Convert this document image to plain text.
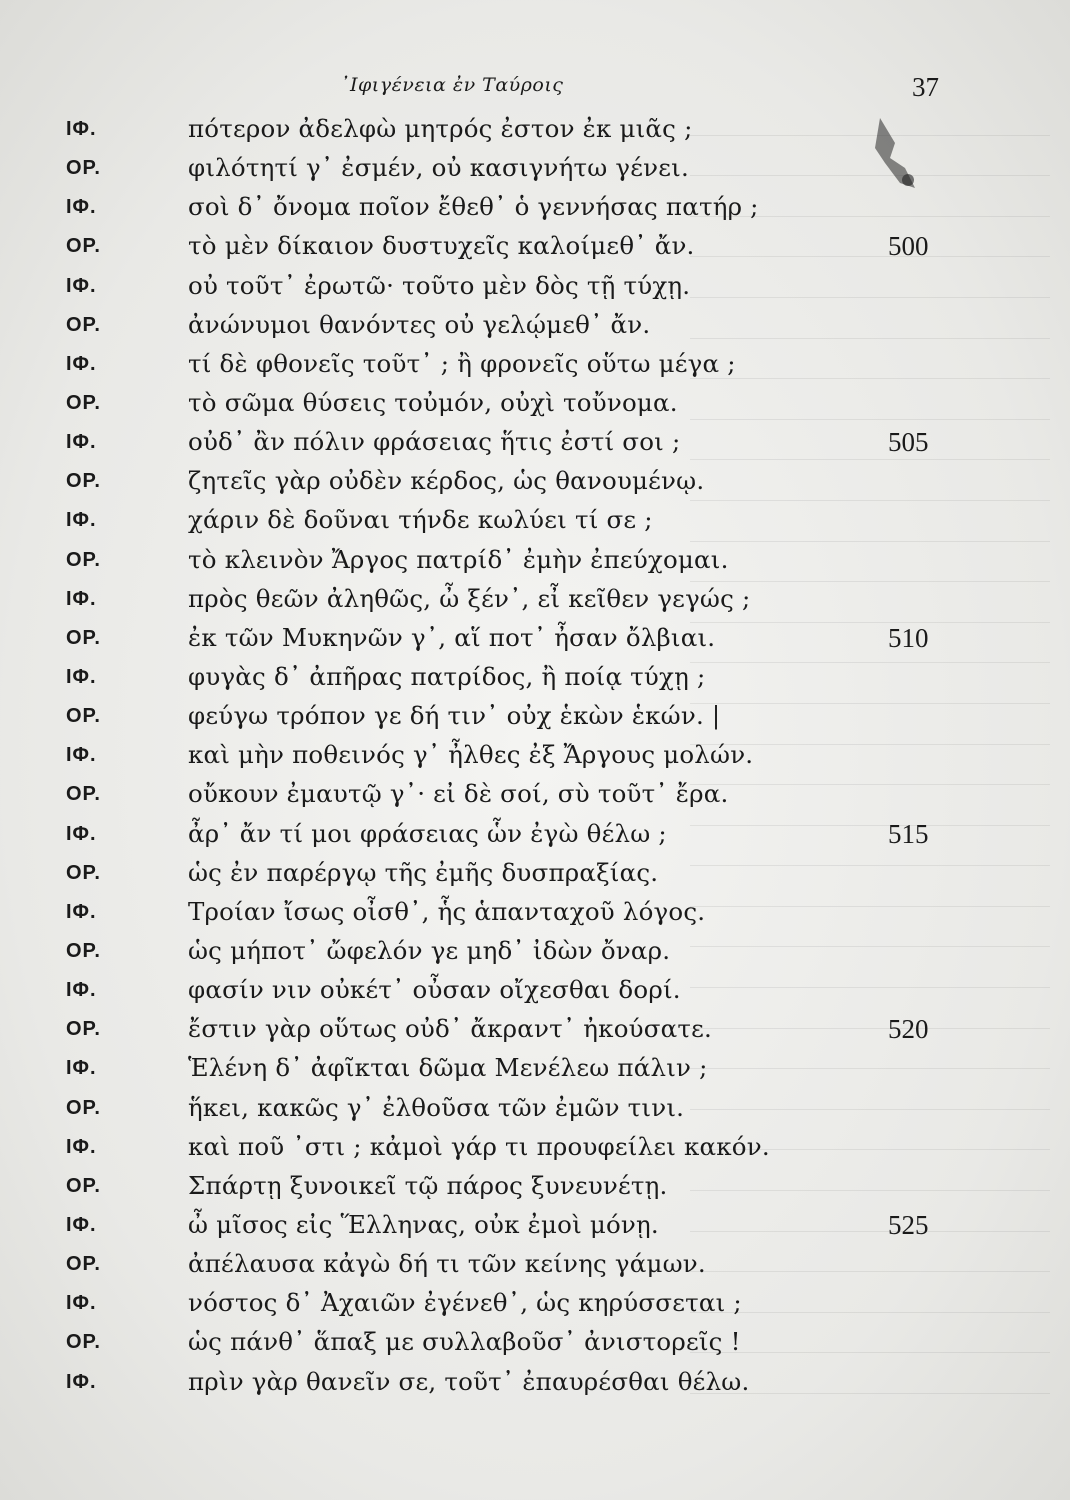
᾿Ιφιγένεια ἐν Ταύροις	37
ΙΦ.	πότερον ἀδελφὼ μητρός ἐστον ἐκ μιᾶς ;
ΟΡ.	φιλότητί γ᾿ ἐσμέν, οὐ κασιγνήτω γένει.
ΙΦ.	σοὶ δ᾿ ὄνομα ποῖον ἔθεθ᾿ ὁ γεννήσας πατήρ ;
ΟΡ.	τὸ μὲν δίκαιον δυστυχεῖς καλοίμεθ᾿ ἄν.	500
ΙΦ.	οὐ τοῦτ᾿ ἐρωτῶ· τοῦτο μὲν δὸς τῇ τύχῃ.
ΟΡ.	ἀνώνυμοι θανόντες οὐ γελῴμεθ᾿ ἄν.
ΙΦ.	τί δὲ φθονεῖς τοῦτ᾿ ; ἢ φρονεῖς οὕτω μέγα ;
ΟΡ.	τὸ σῶμα θύσεις τοὐμόν, οὐχὶ τοὔνομα.
ΙΦ.	οὐδ᾿ ἂν πόλιν φράσειας ἥτις ἐστί σοι ;	505
ΟΡ.	ζητεῖς γὰρ οὐδὲν κέρδος, ὡς θανουμένῳ.
ΙΦ.	χάριν δὲ δοῦναι τήνδε κωλύει τί σε ;
ΟΡ.	τὸ κλεινὸν Ἄργος πατρίδ᾿ ἐμὴν ἐπεύχομαι.
ΙΦ.	πρὸς θεῶν ἀληθῶς, ὦ ξέν᾿, εἶ κεῖθεν γεγώς ;
ΟΡ.	ἐκ τῶν Μυκηνῶν γ᾿, αἵ ποτ᾿ ἦσαν ὄλβιαι.	510
ΙΦ.	φυγὰς δ᾿ ἀπῆρας πατρίδος, ἢ ποίᾳ τύχῃ ;
ΟΡ.	φεύγω τρόπον γε δή τιν᾿ οὐχ ἑκὼν ἑκών. |
ΙΦ.	καὶ μὴν ποθεινός γ᾿ ἦλθες ἐξ Ἄργους μολών.
ΟΡ.	οὔκουν ἐμαυτῷ γ᾿· εἰ δὲ σοί, σὺ τοῦτ᾿ ἔρα.
ΙΦ.	ἆρ᾿ ἄν τί μοι φράσειας ὧν ἐγὼ θέλω ;	515
ΟΡ.	ὡς ἐν παρέργῳ τῆς ἐμῆς δυσπραξίας.
ΙΦ.	Τροίαν ἴσως οἶσθ᾿, ἧς ἁπανταχοῦ λόγος.
ΟΡ.	ὡς μήποτ᾿ ὤφελόν γε μηδ᾿ ἰδὼν ὄναρ.
ΙΦ.	φασίν νιν οὐκέτ᾿ οὖσαν οἴχεσθαι δορί.
ΟΡ.	ἔστιν γὰρ οὕτως οὐδ᾿ ἄκραντ᾿ ἠκούσατε.	520
ΙΦ.	Ἑλένη δ᾿ ἀφῖκται δῶμα Μενέλεω πάλιν ;
ΟΡ.	ἥκει, κακῶς γ᾿ ἐλθοῦσα τῶν ἐμῶν τινι.
ΙΦ.	καὶ ποῦ ᾿στι ; κἀμοὶ γάρ τι προυφείλει κακόν.
ΟΡ.	Σπάρτῃ ξυνοικεῖ τῷ πάρος ξυνευνέτῃ.
ΙΦ.	ὦ μῖσος εἰς Ἕλληνας, οὐκ ἐμοὶ μόνῃ.	525
ΟΡ.	ἀπέλαυσα κἀγὼ δή τι τῶν κείνης γάμων.
ΙΦ.	νόστος δ᾿ Ἀχαιῶν ἐγένεθ᾿, ὡς κηρύσσεται ;
ΟΡ.	ὡς πάνθ᾿ ἅπαξ με συλλαβοῦσ᾿ ἀνιστορεῖς !
ΙΦ.	πρὶν γὰρ θανεῖν σε, τοῦτ᾿ ἐπαυρέσθαι θέλω.
